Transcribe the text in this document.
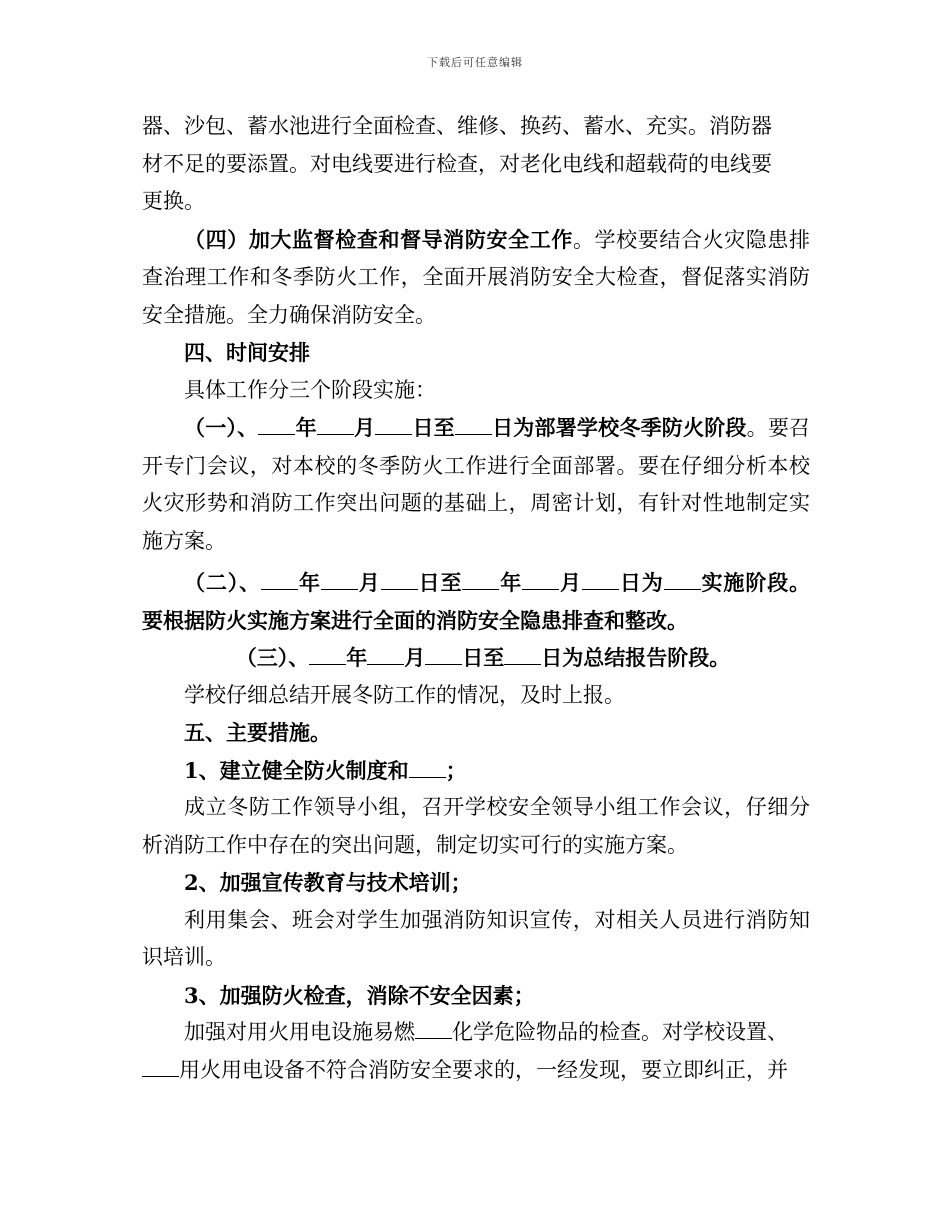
下载后可任意编辑

器、沙包、蓄水池进行全面检查、维修、换药、蓄水、充实。消防器
材不足的要添置。对电线要进行检查，对老化电线和超载荷的电线要
更换。

（四）加大监督检查和督导消防安全工作。学校要结合火灾隐患排查治理工作和冬季防火工作，全面开展消防安全大检查，督促落实消防安全措施。全力确保消防安全。

四、时间安排

具体工作分三个阶段实施：

（一）、 年 月 日至 日为部署学校冬季防火阶段。要召开专门会议，对本校的冬季防火工作进行全面部署。要在仔细分析本校火灾形势和消防工作突出问题的基础上，周密计划，有针对性地制定实施方案。

（二）、 年 月 日至 年 月 日为 实施阶段。要根据防火实施方案进行全面的消防安全隐患排查和整改。

（三）、 年 月 日至 日为总结报告阶段。

学校仔细总结开展冬防工作的情况，及时上报。

五、主要措施。

1、建立健全防火制度和 ；

成立冬防工作领导小组，召开学校安全领导小组工作会议，仔细分析消防工作中存在的突出问题，制定切实可行的实施方案。

2、加强宣传教育与技术培训；

利用集会、班会对学生加强消防知识宣传，对相关人员进行消防知识培训。

3、加强防火检查，消除不安全因素；

加强对用火用电设施易燃 化学危险物品的检查。对学校设置、
用火用电设备不符合消防安全要求的，一经发现，要立即纠正，并
